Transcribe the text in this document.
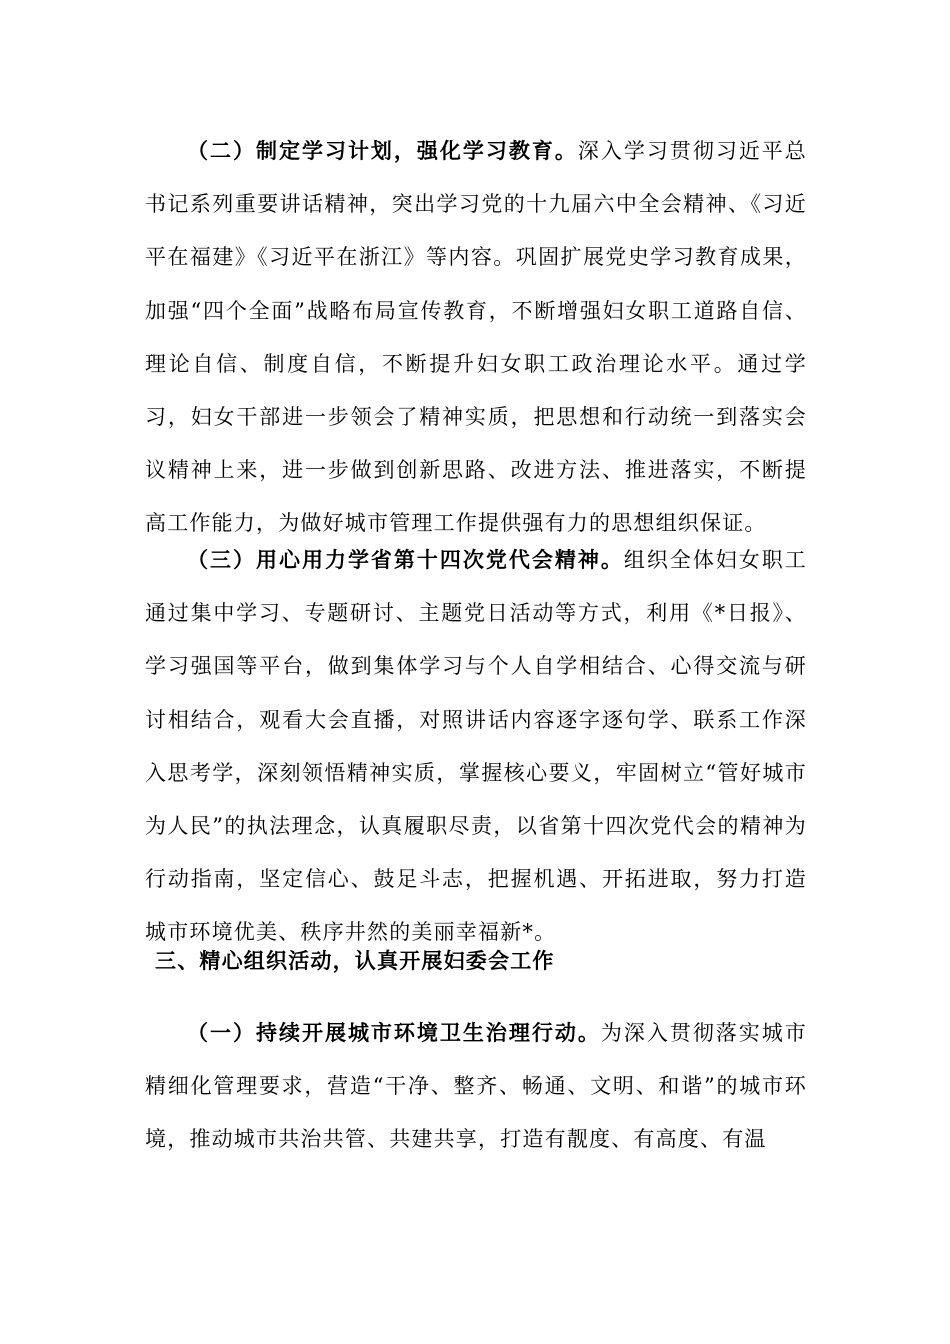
（二）制定学习计划，强化学习教育。深入学习贯彻习近平总书记系列重要讲话精神，突出学习党的十九届六中全会精神、《习近平在福建》《习近平在浙江》等内容。巩固扩展党史学习教育成果，加强“四个全面”战略布局宣传教育，不断增强妇女职工道路自信、理论自信、制度自信，不断提升妇女职工政治理论水平。通过学习，妇女干部进一步领会了精神实质，把思想和行动统一到落实会议精神上来，进一步做到创新思路、改进方法、推进落实，不断提高工作能力，为做好城市管理工作提供强有力的思想组织保证。

（三）用心用力学省第十四次党代会精神。组织全体妇女职工通过集中学习、专题研讨、主题党日活动等方式，利用《*日报》、学习强国等平台，做到集体学习与个人自学相结合、心得交流与研讨相结合，观看大会直播，对照讲话内容逐字逐句学、联系工作深入思考学，深刻领悟精神实质，掌握核心要义，牢固树立“管好城市为人民”的执法理念，认真履职尽责，以省第十四次党代会的精神为行动指南，坚定信心、鼓足斗志，把握机遇、开拓进取，努力打造城市环境优美、秩序井然的美丽幸福新*。

三、精心组织活动，认真开展妇委会工作

（一）持续开展城市环境卫生治理行动。为深入贯彻落实城市精细化管理要求，营造“干净、整齐、畅通、文明、和谐”的城市环境，推动城市共治共管、共建共享，打造有靓度、有高度、有温
